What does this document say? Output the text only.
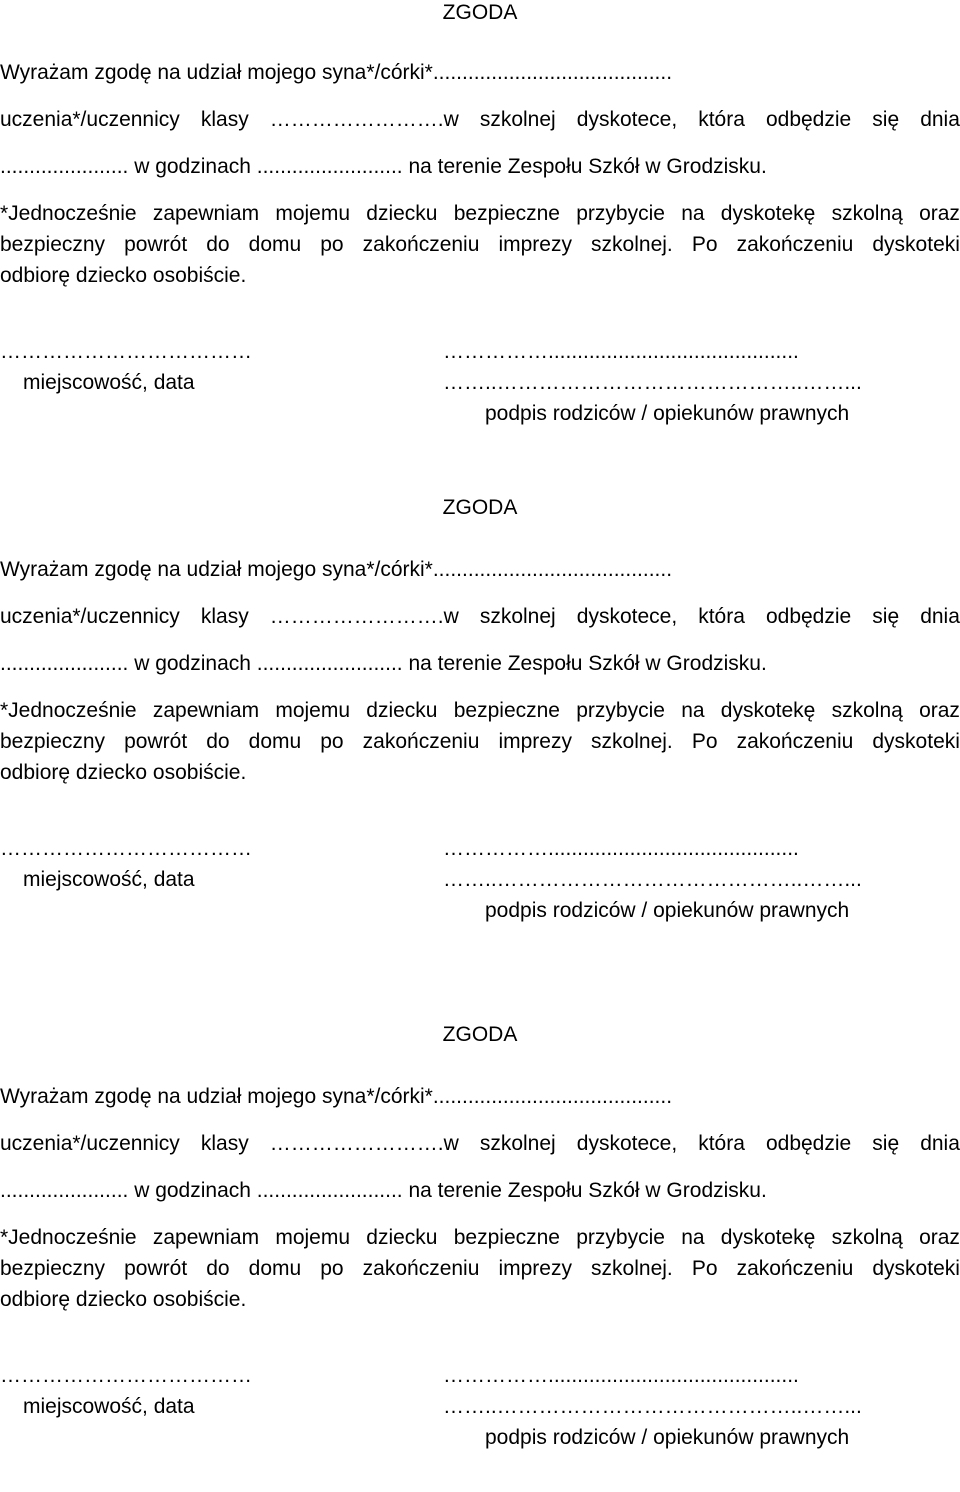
ZGODA
Wyrażam zgodę na udział mojego syna*/córki*.........................................
uczenia*/uczennicy klasy …………………….w szkolnej dyskotece, która odbędzie się dnia
...................... w godzinach ......................... na terenie Zespołu Szkół w Grodzisku.
*Jednocześnie zapewniam mojemu dziecku bezpieczne przybycie na dyskotekę szkolną oraz
bezpieczny powrót do domu po zakończeniu imprezy szkolnej. Po zakończeniu dyskoteki
odbiorę dziecko osobiście.
………………………………
miejscowość, data
……………...........................................
……..……………………………………..……...
podpis rodziców / opiekunów prawnych
ZGODA
Wyrażam zgodę na udział mojego syna*/córki*.........................................
uczenia*/uczennicy klasy …………………….w szkolnej dyskotece, która odbędzie się dnia
...................... w godzinach ......................... na terenie Zespołu Szkół w Grodzisku.
*Jednocześnie zapewniam mojemu dziecku bezpieczne przybycie na dyskotekę szkolną oraz
bezpieczny powrót do domu po zakończeniu imprezy szkolnej. Po zakończeniu dyskoteki
odbiorę dziecko osobiście.
………………………………
miejscowość, data
……………...........................................
……..……………………………………..……...
podpis rodziców / opiekunów prawnych
ZGODA
Wyrażam zgodę na udział mojego syna*/córki*.........................................
uczenia*/uczennicy klasy …………………….w szkolnej dyskotece, która odbędzie się dnia
...................... w godzinach ......................... na terenie Zespołu Szkół w Grodzisku.
*Jednocześnie zapewniam mojemu dziecku bezpieczne przybycie na dyskotekę szkolną oraz
bezpieczny powrót do domu po zakończeniu imprezy szkolnej. Po zakończeniu dyskoteki
odbiorę dziecko osobiście.
………………………………
miejscowość, data
……………...........................................
……..……………………………………..……...
podpis rodziców / opiekunów prawnych
